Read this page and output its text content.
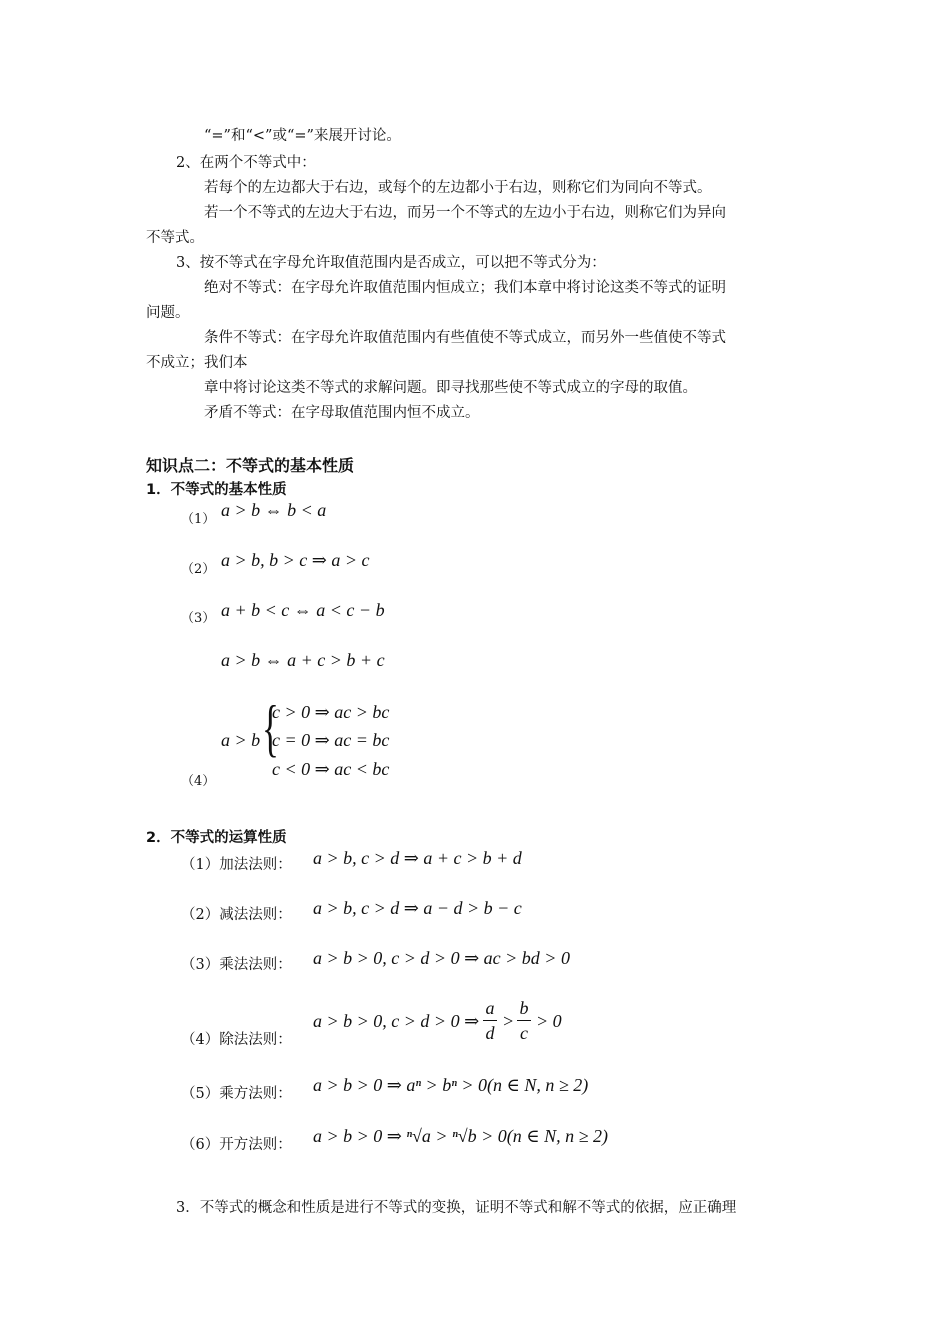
“=”和“<”或“=”来展开讨论。
2、在两个不等式中：
若每个的左边都大于右边，或每个的左边都小于右边，则称它们为同向不等式。
若一个不等式的左边大于右边，而另一个不等式的左边小于右边，则称它们为异向
不等式。
3、按不等式在字母允许取值范围内是否成立，可以把不等式分为：
绝对不等式：在字母允许取值范围内恒成立；我们本章中将讨论这类不等式的证明
问题。
条件不等式：在字母允许取值范围内有些值使不等式成立，而另外一些值使不等式
不成立；我们本
章中将讨论这类不等式的求解问题。即寻找那些使不等式成立的字母的取值。
矛盾不等式：在字母取值范围内恒不成立。
知识点二：不等式的基本性质
1．不等式的基本性质
（1） a > b ⇔ b < a
（2） a > b, b > c ⇒ a > c
（3） a + b < c ⇔ a < c − b
a > b ⇔ a + c > b + c
a > b {
c > 0 ⇒ ac > bc
c = 0 ⇒ ac = bc
c < 0 ⇒ ac < bc
（4）
2．不等式的运算性质
（1）加法法则： a > b, c > d ⇒ a + c > b + d
（2）减法法则： a > b, c > d ⇒ a − d > b − c
（3）乘法法则： a > b > 0, c > d > 0 ⇒ ac > bd > 0
（4）除法法则：
a > b > 0, c > d > 0 ⇒
a
d
>
b
c
> 0
（5）乘方法则： a > b > 0 ⇒ aⁿ > bⁿ > 0(n ∈ N, n ≥ 2)
（6）开方法则： a > b > 0 ⇒ ⁿ√a > ⁿ√b > 0(n ∈ N, n ≥ 2)
3．不等式的概念和性质是进行不等式的变换，证明不等式和解不等式的依据，应正确理
